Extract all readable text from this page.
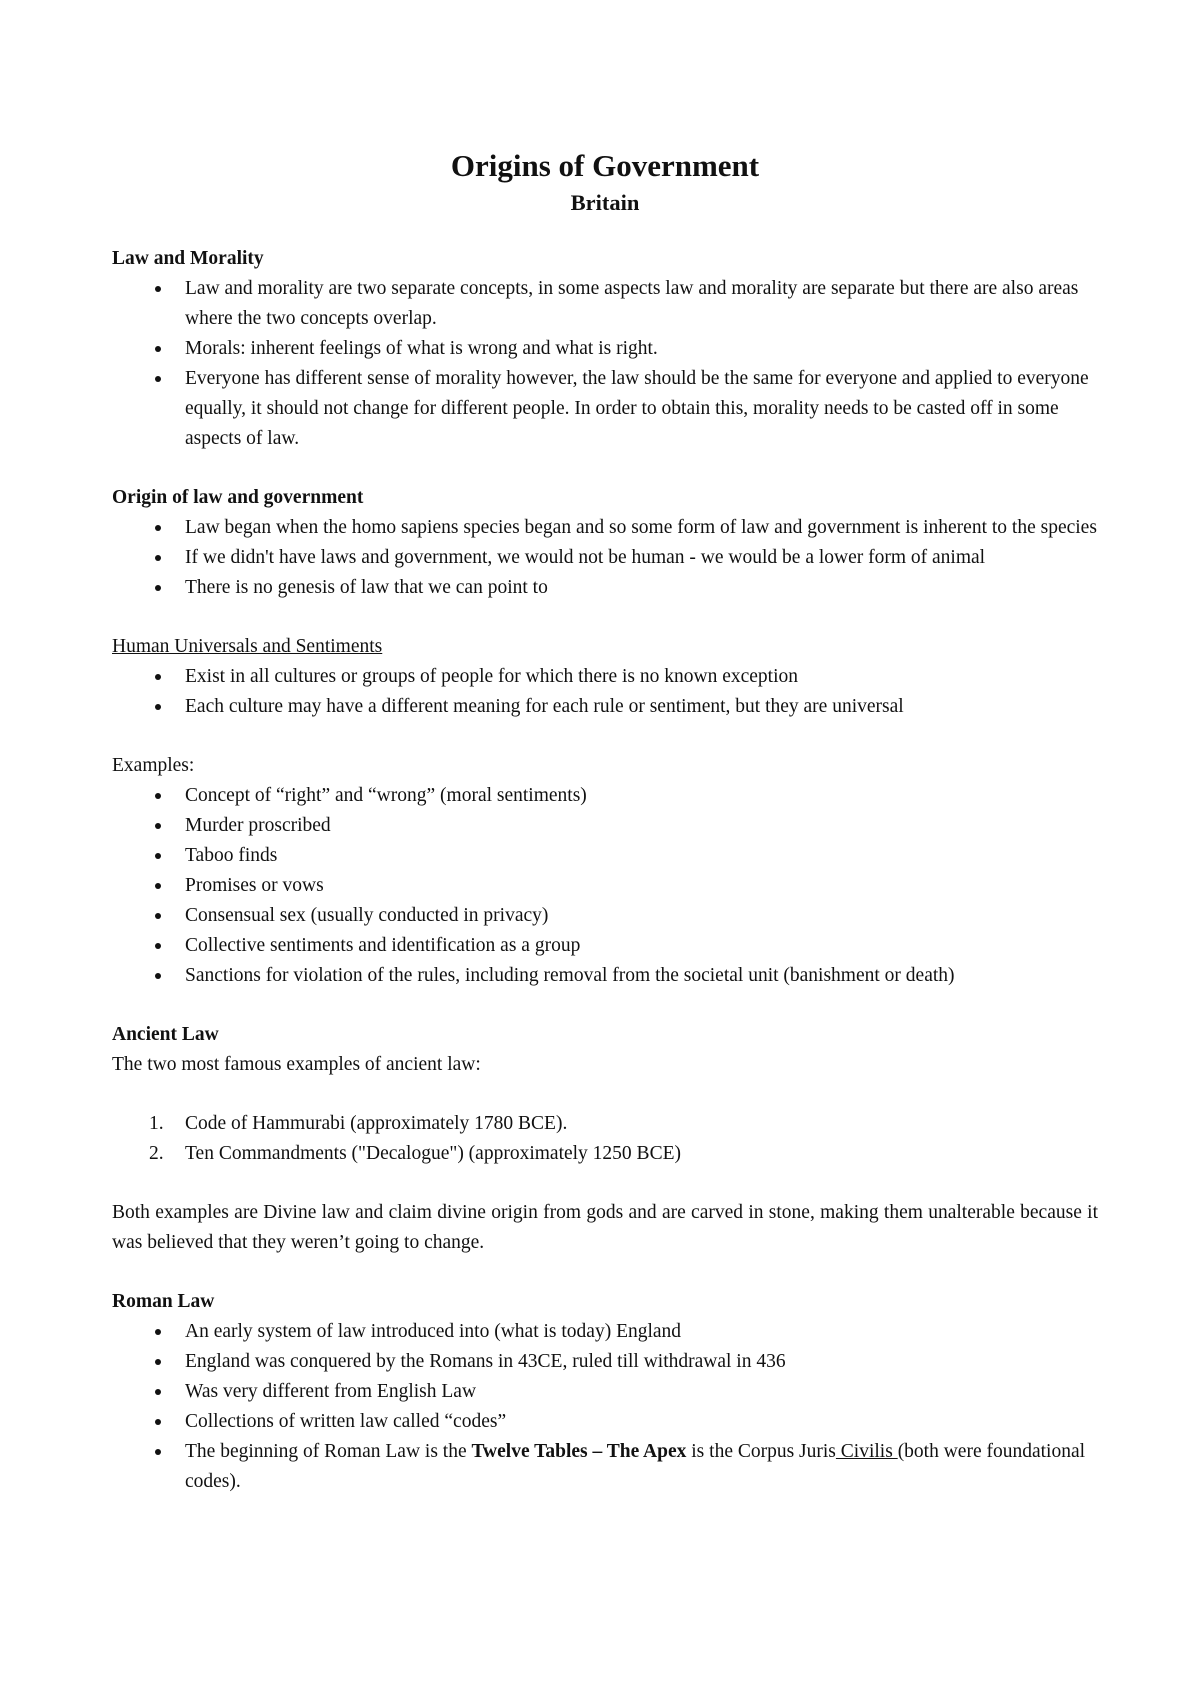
Origins of Government
Britain
Law and Morality
Law and morality are two separate concepts, in some aspects law and morality are separate but there are also areas where the two concepts overlap.
Morals: inherent feelings of what is wrong and what is right.
Everyone has different sense of morality however, the law should be the same for everyone and applied to everyone equally, it should not change for different people. In order to obtain this, morality needs to be casted off in some aspects of law.
Origin of law and government
Law began when the homo sapiens species began and so some form of law and government is inherent to the species
If we didn't have laws and government, we would not be human - we would be a lower form of animal
There is no genesis of law that we can point to
Human Universals and Sentiments
Exist in all cultures or groups of people for which there is no known exception
Each culture may have a different meaning for each rule or sentiment, but they are universal
Examples:
Concept of “right” and “wrong” (moral sentiments)
Murder proscribed
Taboo finds
Promises or vows
Consensual sex (usually conducted in privacy)
Collective sentiments and identification as a group
Sanctions for violation of the rules, including removal from the societal unit (banishment or death)
Ancient Law
The two most famous examples of ancient law:
1. Code of Hammurabi (approximately 1780 BCE).
2. Ten Commandments ("Decalogue") (approximately 1250 BCE)
Both examples are Divine law and claim divine origin from gods and are carved in stone, making them unalterable because it was believed that they weren’t going to change.
Roman Law
An early system of law introduced into (what is today) England
England was conquered by the Romans in 43CE, ruled till withdrawal in 436
Was very different from English Law
Collections of written law called “codes”
The beginning of Roman Law is the Twelve Tables – The Apex is the Corpus Juris Civilis (both were foundational codes).
